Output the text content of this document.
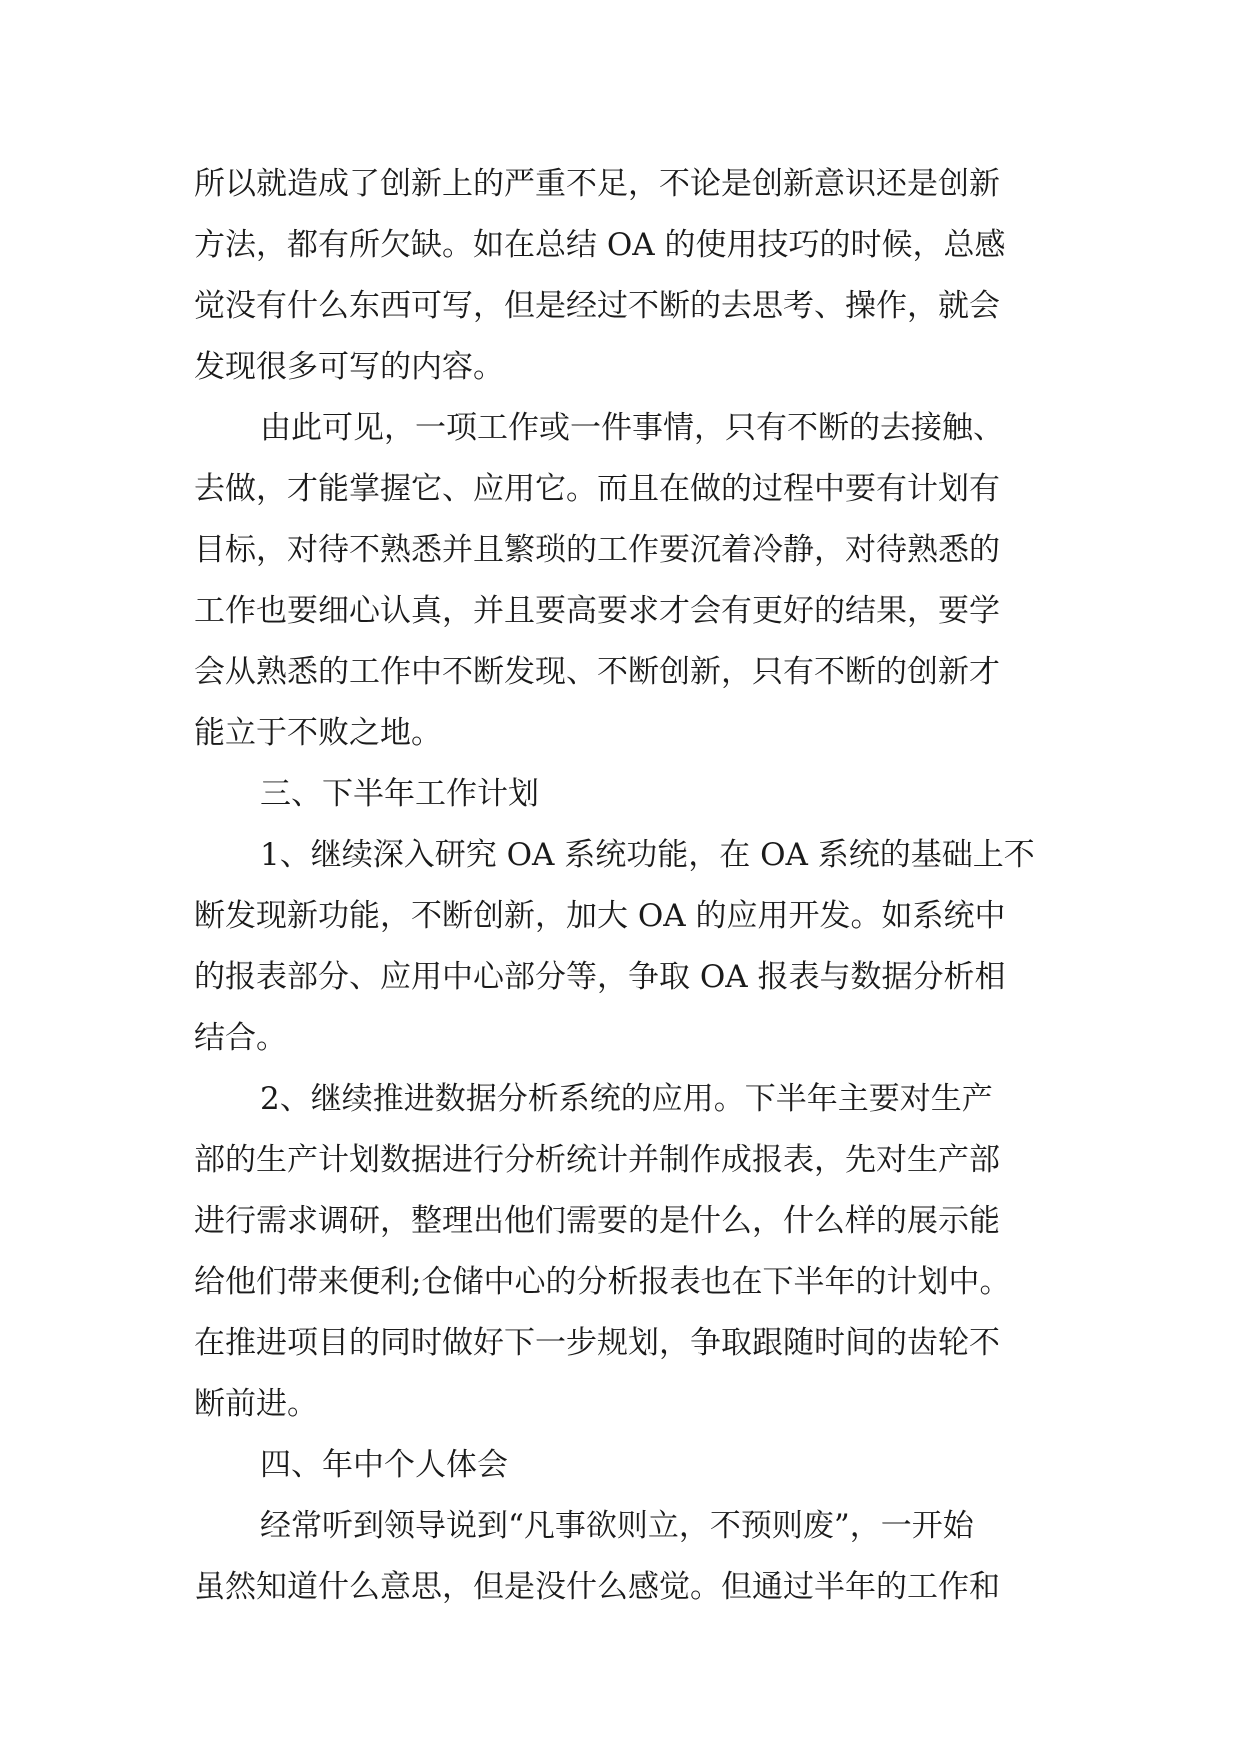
所以就造成了创新上的严重不足，不论是创新意识还是创新
方法，都有所欠缺。如在总结 OA 的使用技巧的时候，总感
觉没有什么东西可写，但是经过不断的去思考、操作，就会
发现很多可写的内容。
由此可见，一项工作或一件事情，只有不断的去接触、
去做，才能掌握它、应用它。而且在做的过程中要有计划有
目标，对待不熟悉并且繁琐的工作要沉着冷静，对待熟悉的
工作也要细心认真，并且要高要求才会有更好的结果，要学
会从熟悉的工作中不断发现、不断创新，只有不断的创新才
能立于不败之地。
三、下半年工作计划
1、继续深入研究 OA 系统功能，在 OA 系统的基础上不
断发现新功能，不断创新，加大 OA 的应用开发。如系统中
的报表部分、应用中心部分等，争取 OA 报表与数据分析相
结合。
2、继续推进数据分析系统的应用。下半年主要对生产
部的生产计划数据进行分析统计并制作成报表，先对生产部
进行需求调研，整理出他们需要的是什么，什么样的展示能
给他们带来便利;仓储中心的分析报表也在下半年的计划中。
在推进项目的同时做好下一步规划，争取跟随时间的齿轮不
断前进。
四、年中个人体会
经常听到领导说到“凡事欲则立，不预则废”，一开始
虽然知道什么意思，但是没什么感觉。但通过半年的工作和
